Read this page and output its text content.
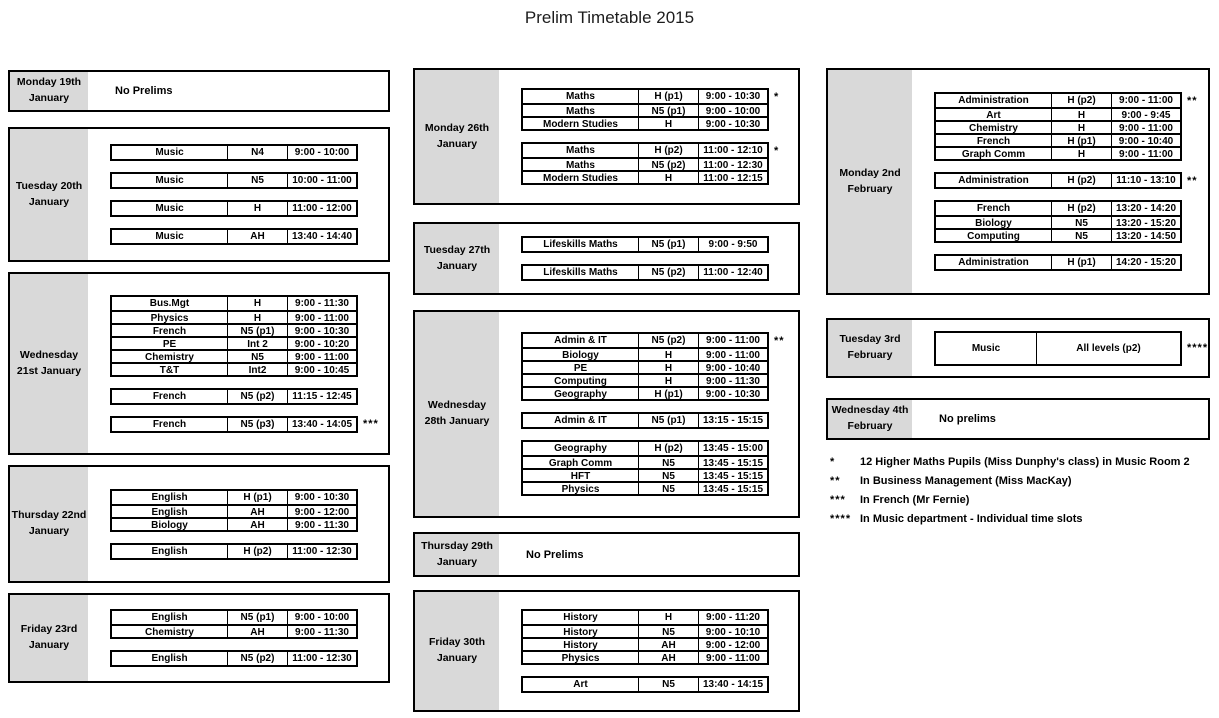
Prelim Timetable 2015
Monday 19th
January
No Prelims
Tuesday 20th
January
Music	N4	9:00 - 10:00
Music	N5	10:00 - 11:00
Music	H	11:00 - 12:00
Music	AH	13:40 - 14:40
Wednesday
21st January
Bus.Mgt	H	9:00 - 11:30
Physics	H	9:00 - 11:00
French	N5 (p1)	9:00 - 10:30
PE	Int 2	9:00 - 10:20
Chemistry	N5	9:00 - 11:00
T&T	Int2	9:00 - 10:45
French	N5 (p2)	11:15 - 12:45
French	N5 (p3)	13:40 - 14:05 ***
Thursday 22nd
January
English	H (p1)	9:00 - 10:30
English	AH	9:00 - 12:00
Biology	AH	9:00 - 11:30
English	H (p2)	11:00 - 12:30
Friday 23rd
January
English	N5 (p1)	9:00 - 10:00
Chemistry	AH	9:00 - 11:30
English	N5 (p2)	11:00 - 12:30
Monday 26th
January
Maths	H (p1)	9:00 - 10:30	*
Maths	N5 (p1)	9:00 - 10:00
Modern Studies	H	9:00 - 10:30
Maths	H (p2)	11:00 - 12:10	*
Maths	N5 (p2)	11:00 - 12:30
Modern Studies	H	11:00 - 12:15
Tuesday 27th
January
Lifeskills Maths	N5 (p1)	9:00 - 9:50
Lifeskills Maths	N5 (p2)	11:00 - 12:40
Wednesday
28th January
Admin & IT	N5 (p2)	9:00 - 11:00	**
Biology	H	9:00 - 11:00
PE	H	9:00 - 10:40
Computing	H	9:00 - 11:30
Geography	H (p1)	9:00 - 10:30
Admin & IT	N5 (p1)	13:15 - 15:15
Geography	H (p2)	13:45 - 15:00
Graph Comm	N5	13:45 - 15:15
HFT	N5	13:45 - 15:15
Physics	N5	13:45 - 15:15
Thursday 29th
January
No Prelims
Friday 30th
January
History	H	9:00 - 11:20
History	N5	9:00 - 10:10
History	AH	9:00 - 12:00
Physics	AH	9:00 - 11:00
Art	N5	13:40 - 14:15
Monday 2nd
February
Administration	H (p2)	9:00 - 11:00	**
Art	H	9:00 - 9:45
Chemistry	H	9:00 - 11:00
French	H (p1)	9:00 - 10:40
Graph Comm	H	9:00 - 11:00
Administration	H (p2)	11:10 - 13:10	**
French	H (p2)	13:20 - 14:20
Biology	N5	13:20 - 15:20
Computing	N5	13:20 - 14:50
Administration	H (p1)	14:20 - 15:20
Tuesday 3rd
February
Music	All levels (p2)	****
Wednesday 4th
February
No prelims
*	12 Higher Maths Pupils (Miss Dunphy's class) in Music Room 2
**	In Business Management (Miss MacKay)
***	In French (Mr Fernie)
**** In Music department - Individual time slots
